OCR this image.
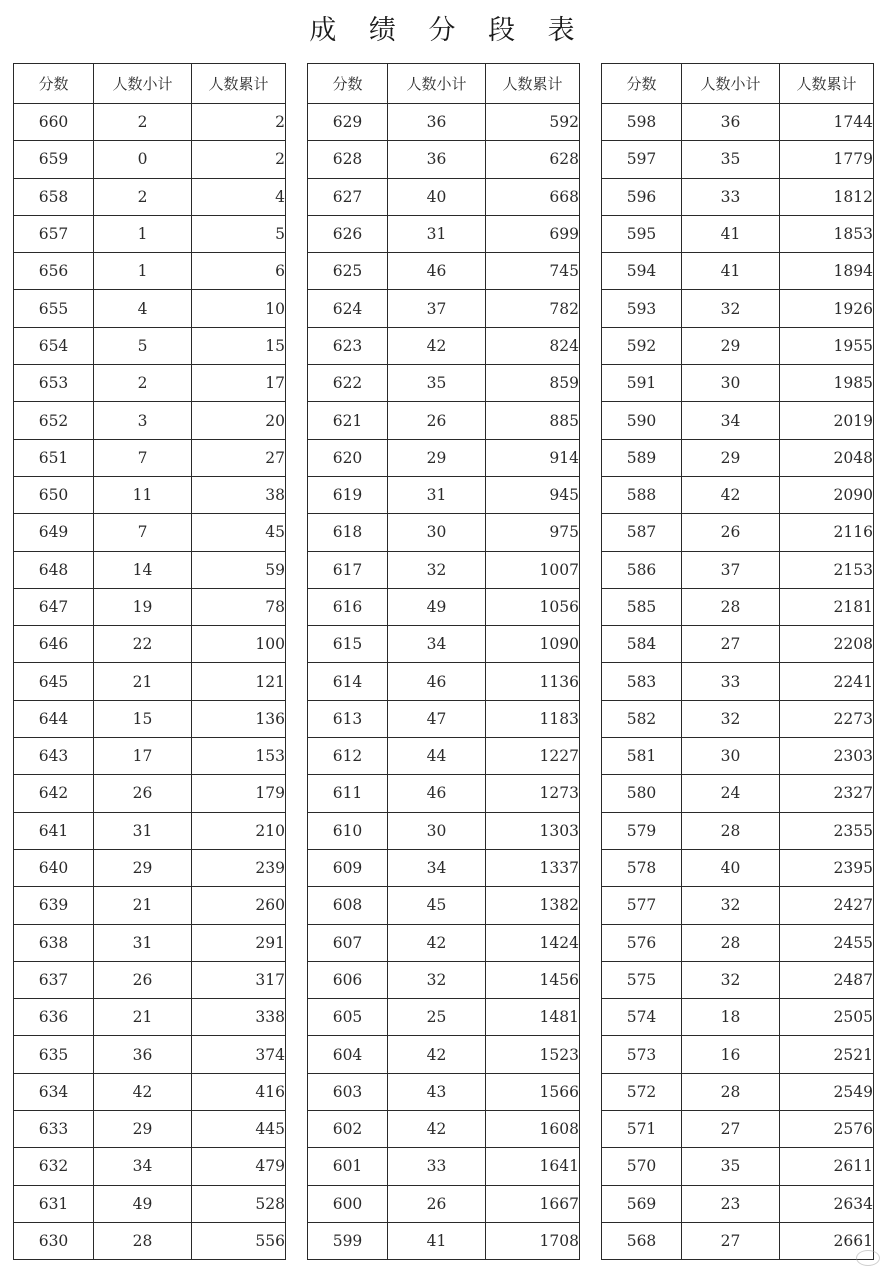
成 绩 分 段 表
分数	人数小计	人数累计
660	2	2
659	0	2
658	2	4
657	1	5
656	1	6
655	4	10
654	5	15
653	2	17
652	3	20
651	7	27
650	11	38
649	7	45
648	14	59
647	19	78
646	22	100
645	21	121
644	15	136
643	17	153
642	26	179
641	31	210
640	29	239
639	21	260
638	31	291
637	26	317
636	21	338
635	36	374
634	42	416
633	29	445
632	34	479
631	49	528
630	28	556
分数	人数小计	人数累计
629	36	592
628	36	628
627	40	668
626	31	699
625	46	745
624	37	782
623	42	824
622	35	859
621	26	885
620	29	914
619	31	945
618	30	975
617	32	1007
616	49	1056
615	34	1090
614	46	1136
613	47	1183
612	44	1227
611	46	1273
610	30	1303
609	34	1337
608	45	1382
607	42	1424
606	32	1456
605	25	1481
604	42	1523
603	43	1566
602	42	1608
601	33	1641
600	26	1667
599	41	1708
分数	人数小计	人数累计
598	36	1744
597	35	1779
596	33	1812
595	41	1853
594	41	1894
593	32	1926
592	29	1955
591	30	1985
590	34	2019
589	29	2048
588	42	2090
587	26	2116
586	37	2153
585	28	2181
584	27	2208
583	33	2241
582	32	2273
581	30	2303
580	24	2327
579	28	2355
578	40	2395
577	32	2427
576	28	2455
575	32	2487
574	18	2505
573	16	2521
572	28	2549
571	27	2576
570	35	2611
569	23	2634
568	27	2661
